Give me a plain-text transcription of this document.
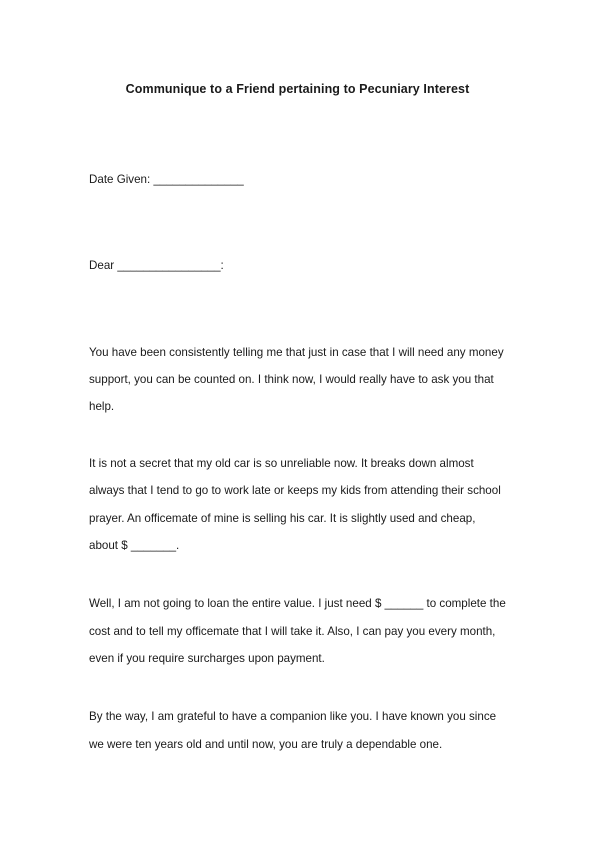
Communique to a Friend pertaining to Pecuniary Interest
Date Given: ______________
Dear ________________:
You have been consistently telling me that just in case that I will need any money
support, you can be counted on. I think now, I would really have to ask you that
help.
It is not a secret that my old car is so unreliable now. It breaks down almost
always that I tend to go to work late or keeps my kids from attending their school
prayer. An officemate of mine is selling his car. It is slightly used and cheap,
about $ _______.
Well, I am not going to loan the entire value. I just need $ ______ to complete the
cost and to tell my officemate that I will take it. Also, I can pay you every month,
even if you require surcharges upon payment.
By the way, I am grateful to have a companion like you. I have known you since
we were ten years old and until now, you are truly a dependable one.
